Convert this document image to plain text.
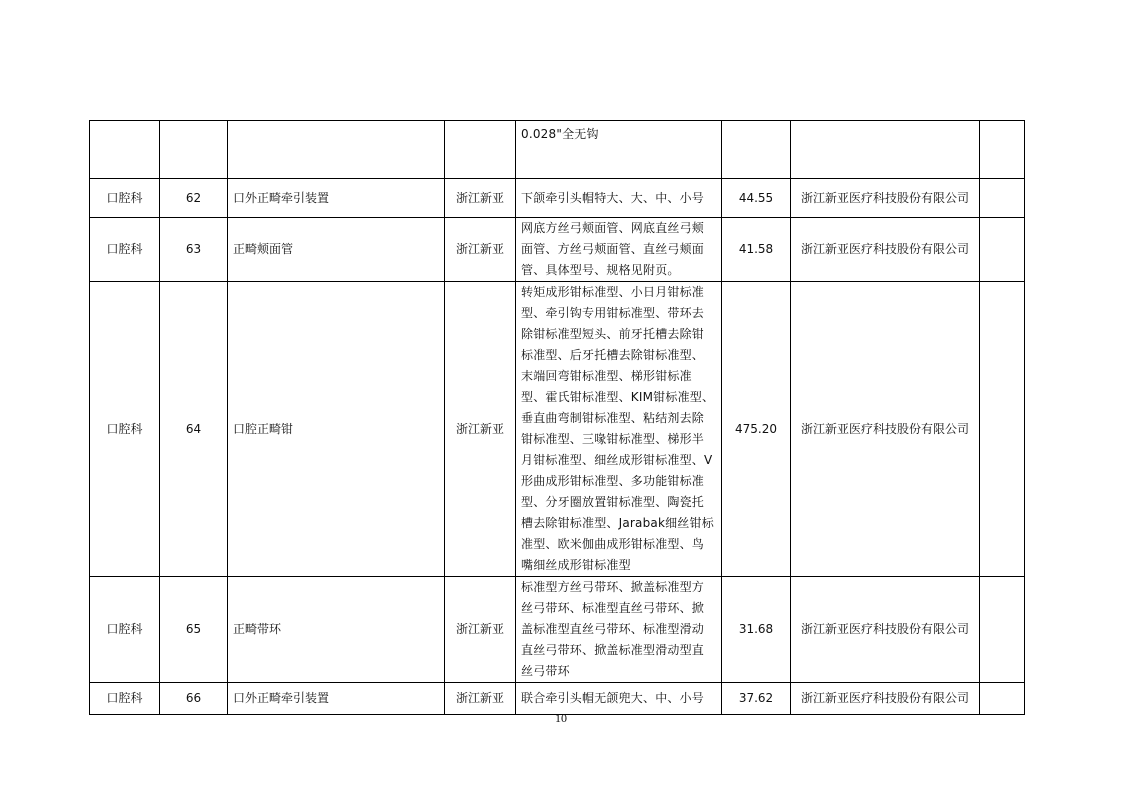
				0.028"全无钩			
口腔科	62	口外正畸牵引装置	浙江新亚	下颌牵引头帽特大、大、中、小号	44.55	浙江新亚医疗科技股份有限公司	
口腔科	63	正畸颊面管	浙江新亚	网底方丝弓颊面管、网底直丝弓颊面管、方丝弓颊面管、直丝弓颊面管、具体型号、规格见附页。	41.58	浙江新亚医疗科技股份有限公司	
口腔科	64	口腔正畸钳	浙江新亚	转矩成形钳标准型、小日月钳标准型、牵引钩专用钳标准型、带环去除钳标准型短头、前牙托槽去除钳标准型、后牙托槽去除钳标准型、末端回弯钳标准型、梯形钳标准型、霍氏钳标准型、KIM钳标准型、垂直曲弯制钳标准型、粘结剂去除钳标准型、三喙钳标准型、梯形半月钳标准型、细丝成形钳标准型、V形曲成形钳标准型、多功能钳标准型、分牙圈放置钳标准型、陶瓷托槽去除钳标准型、Jarabak细丝钳标准型、欧米伽曲成形钳标准型、鸟嘴细丝成形钳标准型	475.20	浙江新亚医疗科技股份有限公司	
口腔科	65	正畸带环	浙江新亚	标准型方丝弓带环、掀盖标准型方丝弓带环、标准型直丝弓带环、掀盖标准型直丝弓带环、标准型滑动直丝弓带环、掀盖标准型滑动型直丝弓带环	31.68	浙江新亚医疗科技股份有限公司	
口腔科	66	口外正畸牵引装置	浙江新亚	联合牵引头帽无颌兜大、中、小号	37.62	浙江新亚医疗科技股份有限公司	
10
